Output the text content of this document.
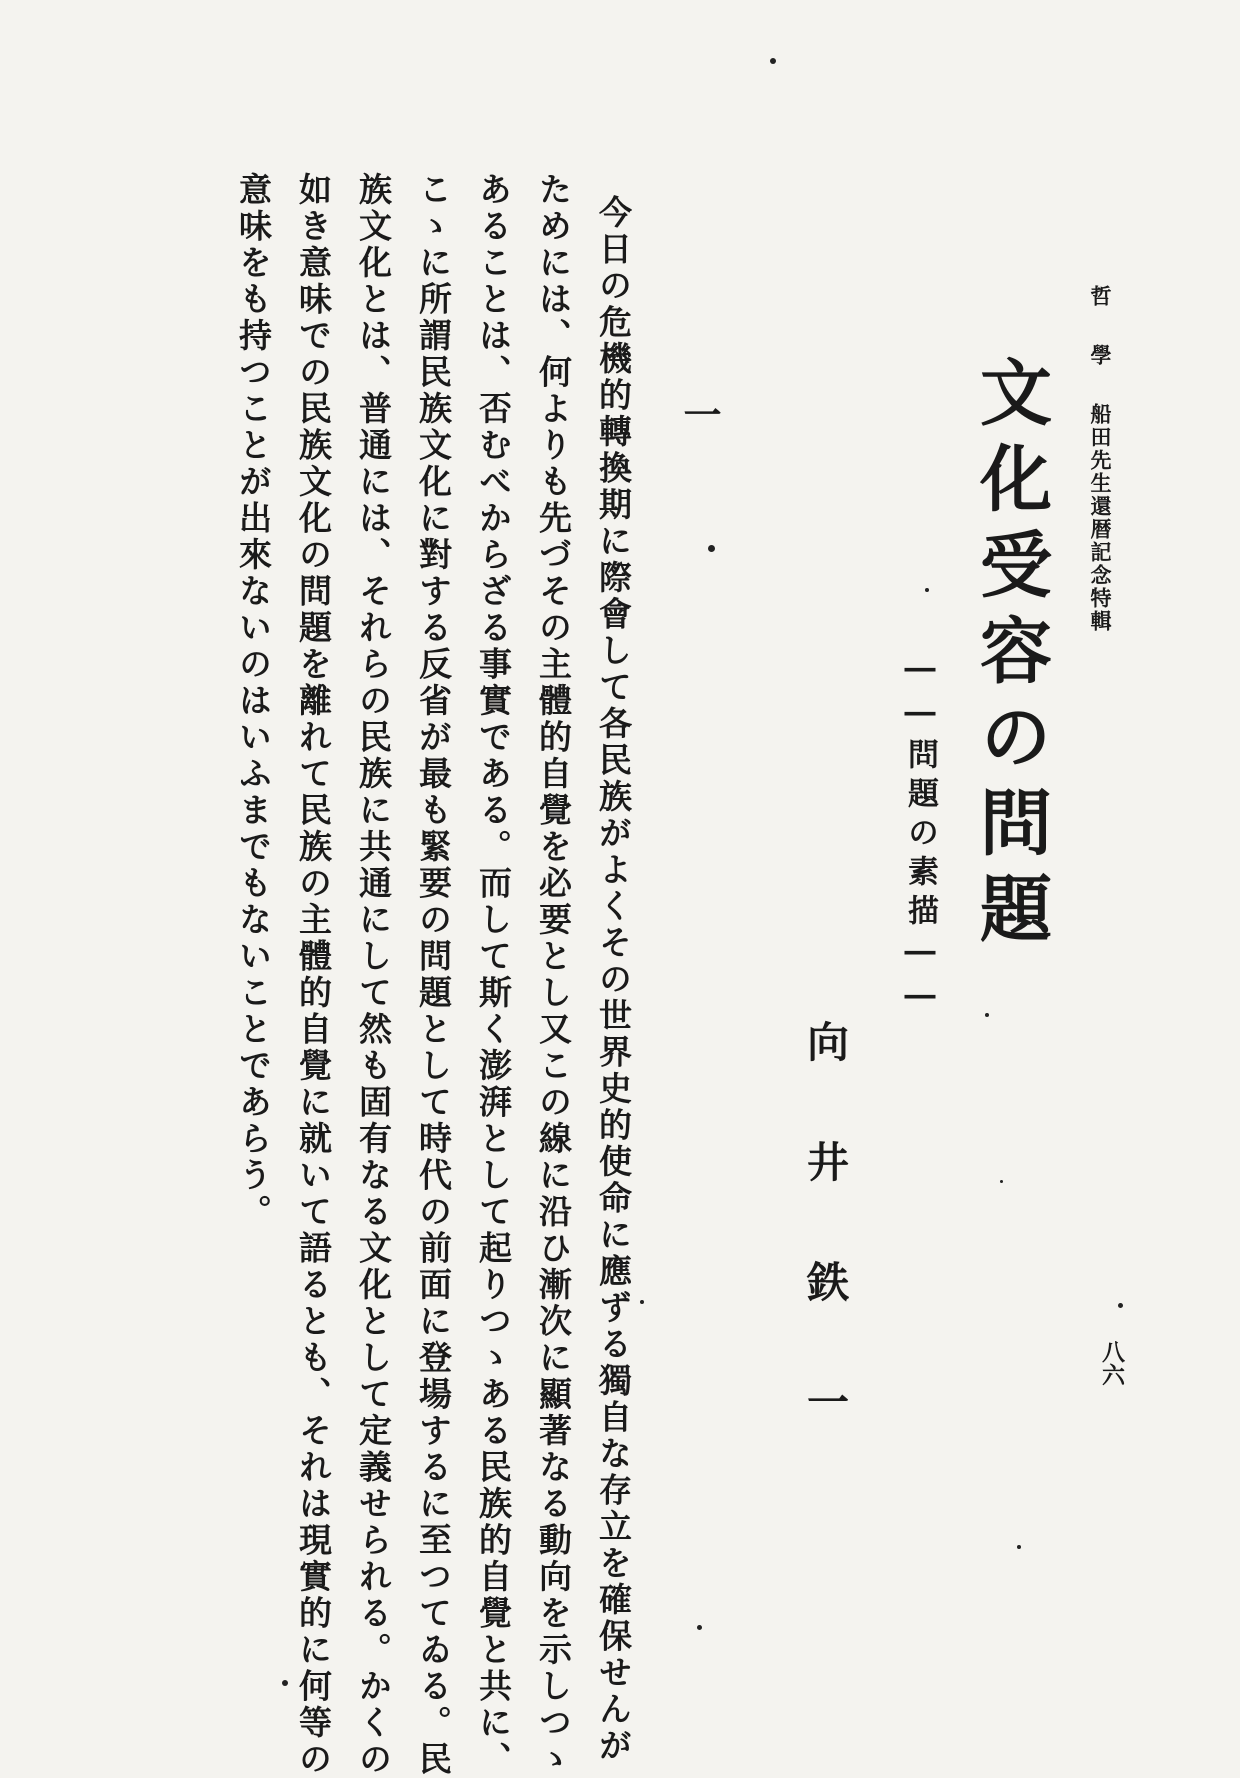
哲學船田先生還暦記念特輯
八六
文化受容の問題
――問題の素描――
向井鉄一
一
今日の危機的轉換期に際會して各民族がよくその世界史的使命に應ずる獨自な存立を確保せんが
ためには、何よりも先づその主體的自覺を必要とし又この線に沿ひ漸次に顯著なる動向を示しつゝ
あることは、否むべからざる事實である。而して斯く澎湃として起りつゝある民族的自覺と共に、
こゝに所謂民族文化に對する反省が最も緊要の問題として時代の前面に登場するに至つてゐる。民
族文化とは、普通には、それらの民族に共通にして然も固有なる文化として定義せられる。かくの
如き意味での民族文化の問題を離れて民族の主體的自覺に就いて語るとも、それは現實的に何等の
意味をも持つことが出來ないのはいふまでもないことであらう。
